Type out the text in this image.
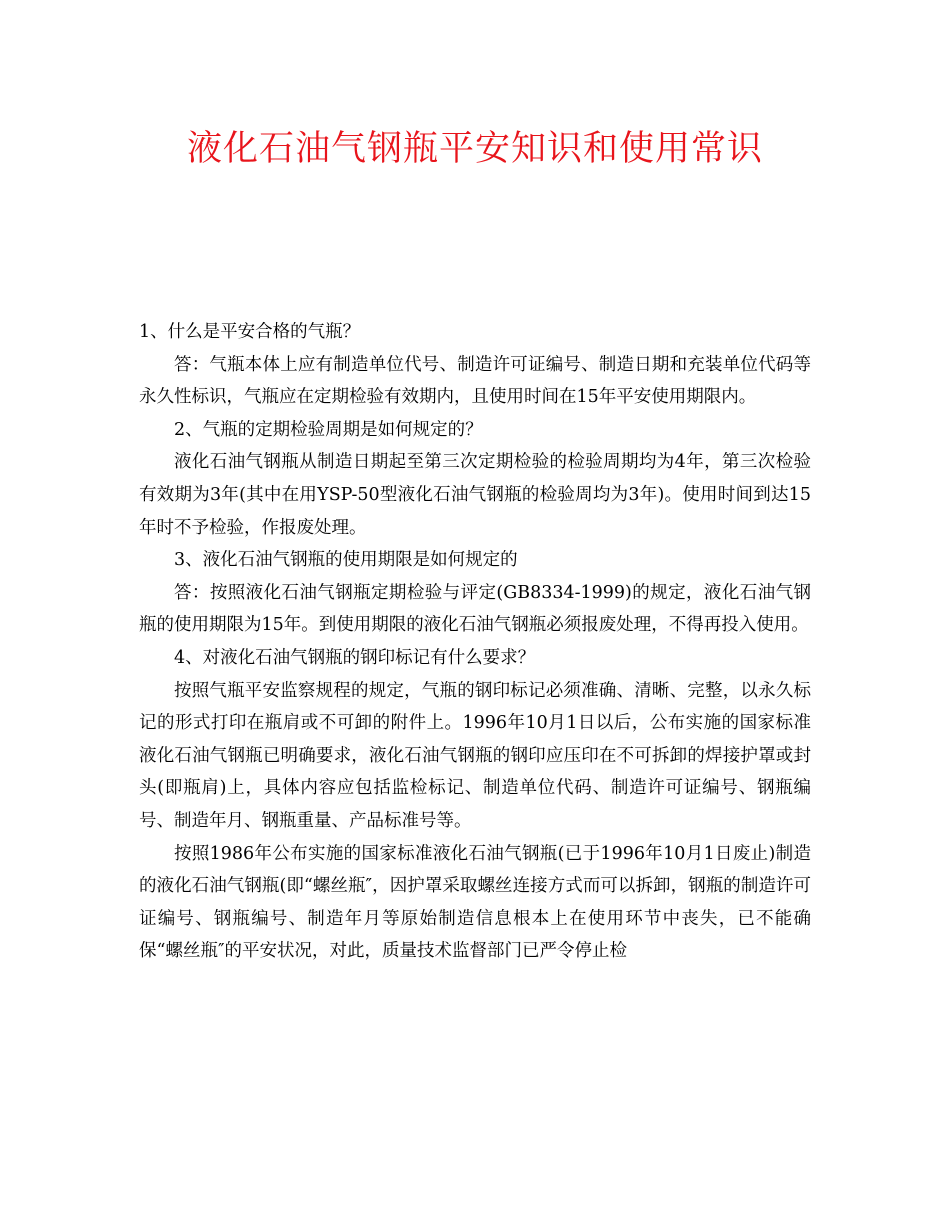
液化石油气钢瓶平安知识和使用常识

1、什么是平安合格的气瓶？

答：气瓶本体上应有制造单位代号、制造许可证编号、制造日期和充装单位代码等永久性标识，气瓶应在定期检验有效期内，且使用时间在15年平安使用期限内。

2、气瓶的定期检验周期是如何规定的？

液化石油气钢瓶从制造日期起至第三次定期检验的检验周期均为4年，第三次检验有效期为3年(其中在用YSP-50型液化石油气钢瓶的检验周均为3年)。使用时间到达15年时不予检验，作报废处理。

3、液化石油气钢瓶的使用期限是如何规定的

答：按照液化石油气钢瓶定期检验与评定(GB8334-1999)的规定，液化石油气钢瓶的使用期限为15年。到使用期限的液化石油气钢瓶必须报废处理，不得再投入使用。

4、对液化石油气钢瓶的钢印标记有什么要求？

按照气瓶平安监察规程的规定，气瓶的钢印标记必须准确、清晰、完整，以永久标记的形式打印在瓶肩或不可卸的附件上。1996年10月1日以后，公布实施的国家标准液化石油气钢瓶已明确要求，液化石油气钢瓶的钢印应压印在不可拆卸的焊接护罩或封头(即瓶肩)上，具体内容应包括监检标记、制造单位代码、制造许可证编号、钢瓶编号、制造年月、钢瓶重量、产品标准号等。

按照1986年公布实施的国家标准液化石油气钢瓶(已于1996年10月1日废止)制造的液化石油气钢瓶(即“螺丝瓶″，因护罩采取螺丝连接方式而可以拆卸，钢瓶的制造许可证编号、钢瓶编号、制造年月等原始制造信息根本上在使用环节中丧失，已不能确保“螺丝瓶″的平安状况，对此，质量技术监督部门已严令停止检
